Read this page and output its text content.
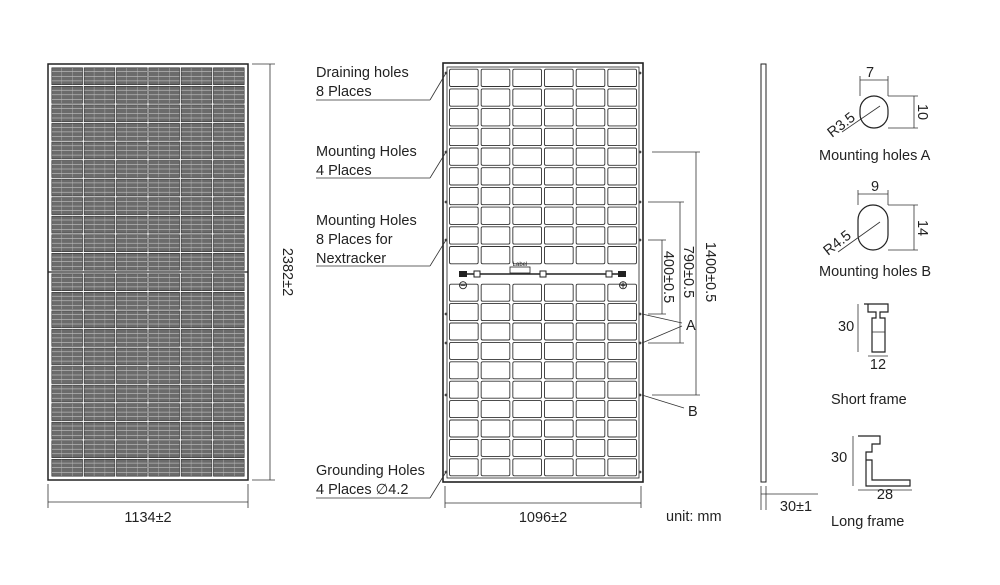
1134±2
2382±2	Label
⊖	⊕
1096±2
1400±0.5
790±0.5
400±0.5
A
B
Draining holes
8 Places
Mounting Holes
4 Places
Mounting Holes
8 Places for
Nextracker
Grounding Holes
4 Places ∅4.2
unit: mm
30±1
7
10
R3.5
Mounting holes A
9
14
R4.5
Mounting holes B
30
12
Short frame
30
28
Long frame
